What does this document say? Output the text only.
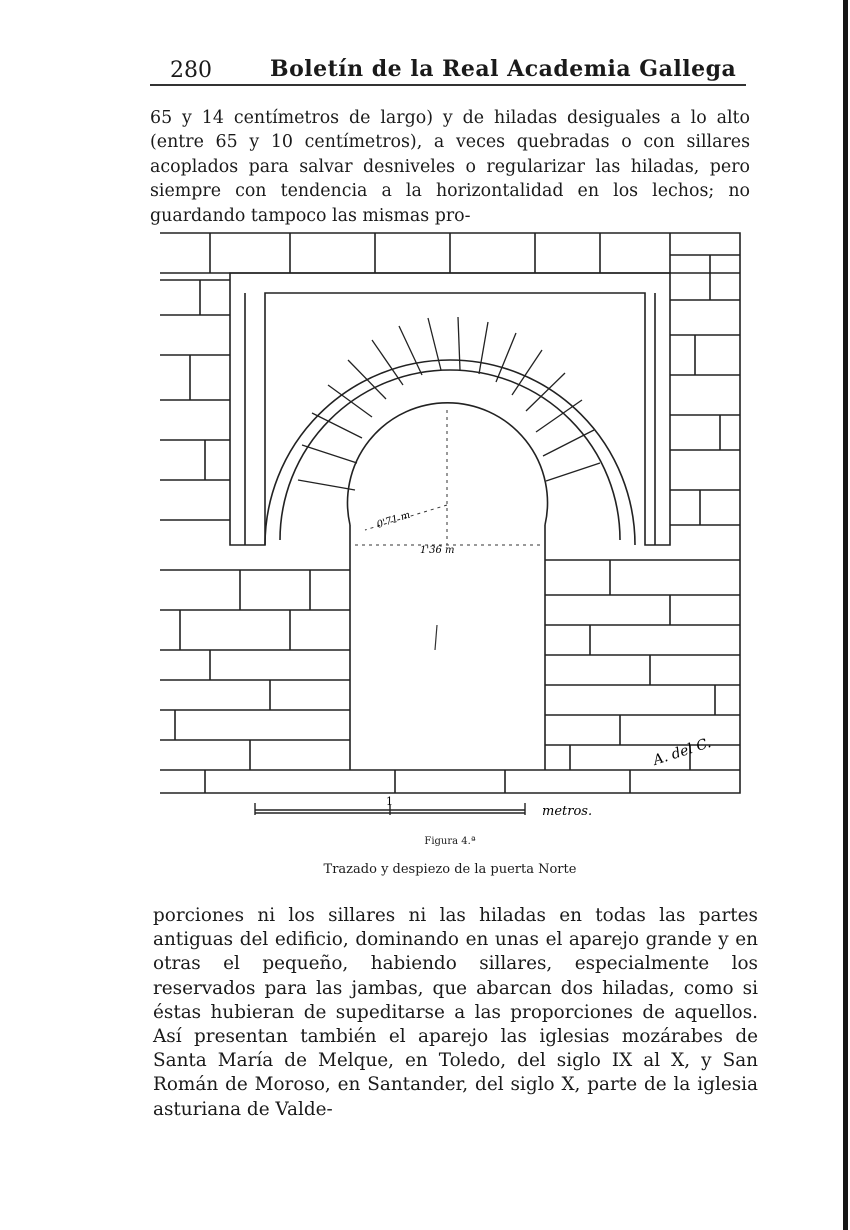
280	Boletín de la Real Academia Gallega
65 y 14 centímetros de largo) y de hiladas desiguales a lo alto (entre 65 y 10 centímetros), a veces quebradas o con sillares acoplados para salvar desniveles o regularizar las hiladas, pero siempre con tendencia a la horizontalidad en los lechos; no guardando tampoco las mismas pro-
0'71 m
1'36 m
A. del C.
1
metros.
Figura 4.ª
Trazado y despiezo de la puerta Norte
porciones ni los sillares ni las hiladas en todas las partes antiguas del edificio, dominando en unas el aparejo grande y en otras el pequeño, habiendo sillares, especialmente los reservados para las jambas, que abarcan dos hiladas, como si éstas hubieran de supeditarse a las proporciones de aquellos. Así presentan también el aparejo las iglesias mozárabes de Santa María de Melque, en Toledo, del siglo IX al X, y San Román de Moroso, en Santander, del siglo X, parte de la iglesia asturiana de Valde-
